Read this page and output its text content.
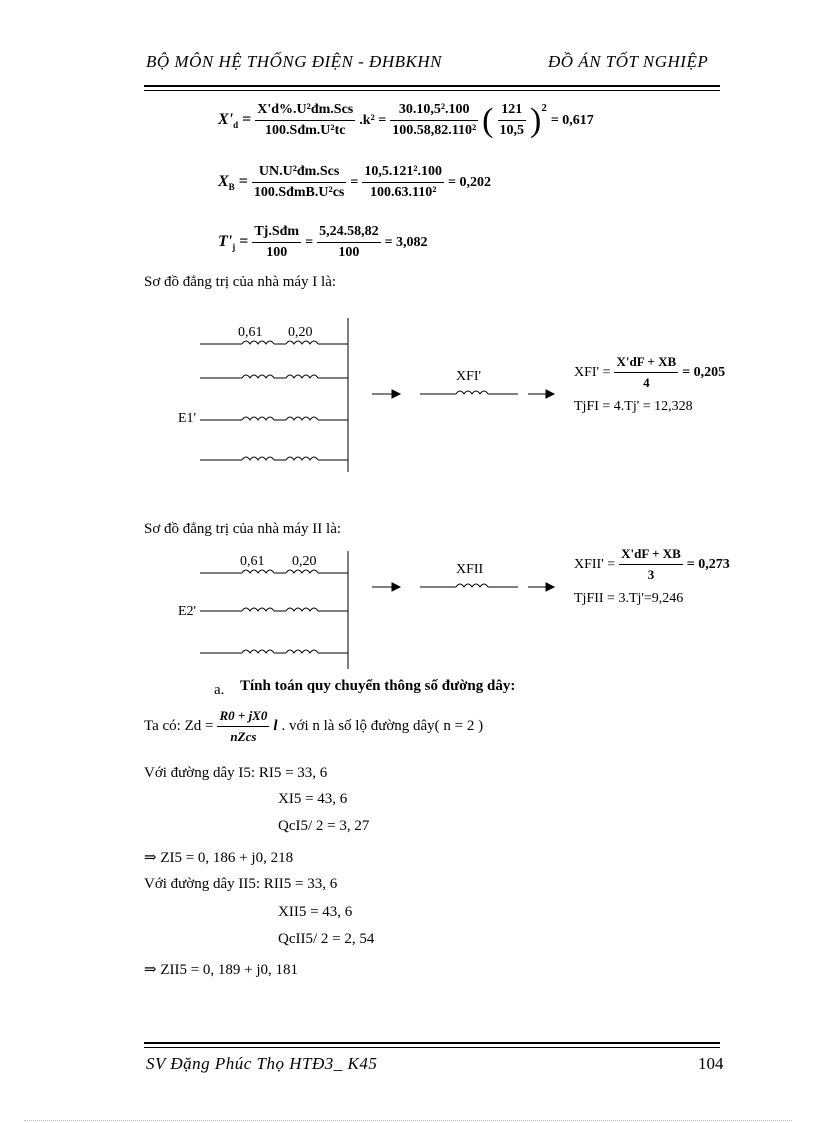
BỘ MÔN HỆ THỐNG ĐIỆN - ĐHBKHN	ĐỒ ÁN TỐT NGHIỆP
$X'_d = \frac{\text{X'd\%.U²đm.Scs}}{\text{100.Sđm.U²tc}} .k^2 = \frac{\text{30.10,5².100}}{\text{100.58,82.110²}}$ ( $\frac{121}{10,5} )^2$
= 0,617
$X_B = \frac{\text{UN.U²đm.Scs}}{\text{100.SđmB.U²cs}} = \frac{\text{10,5.121².100}}{\text{100.63.110²}} = 0,202$
$T'_j = \frac{\text{Tj.Sđm}}{100} = \frac{5,24.58,82}{100} = 3,082$
Sơ đồ đẳng trị của nhà máy I là:
0,61 0,20
E1'
XFI'	$XFI' = \frac{X'dF + XB}{4} = 0,205$
TjFI = 4.Tj' = 12,328
Sơ đồ đẳng trị của nhà máy II là:
0,61 0,20
E2'
XFII	XFII' = $\frac{X'dF + XB}{3} = 0,273$
TjFII = 3.Tj'=9,246
a. Tính toán quy chuyển thông số đường dây:
Ta có: $Zd = \frac{R0 + jX0}{\text{nZcs}}$ l . với n là số lộ đường dây( n = 2 )
Với đường dây I5: RI5 = 33, 6
XI5 = 43, 6
QcI5/ 2 = 3, 27
⇒ ZI5 = 0, 186 + j0, 218
Với đường dây II5: RII5 = 33, 6
XII5 = 43, 6
QcII5/ 2 = 2, 54
⇒ ZII5 = 0, 189 + j0, 181
SV Đặng Phúc Thọ HTĐ3_ K45	104
